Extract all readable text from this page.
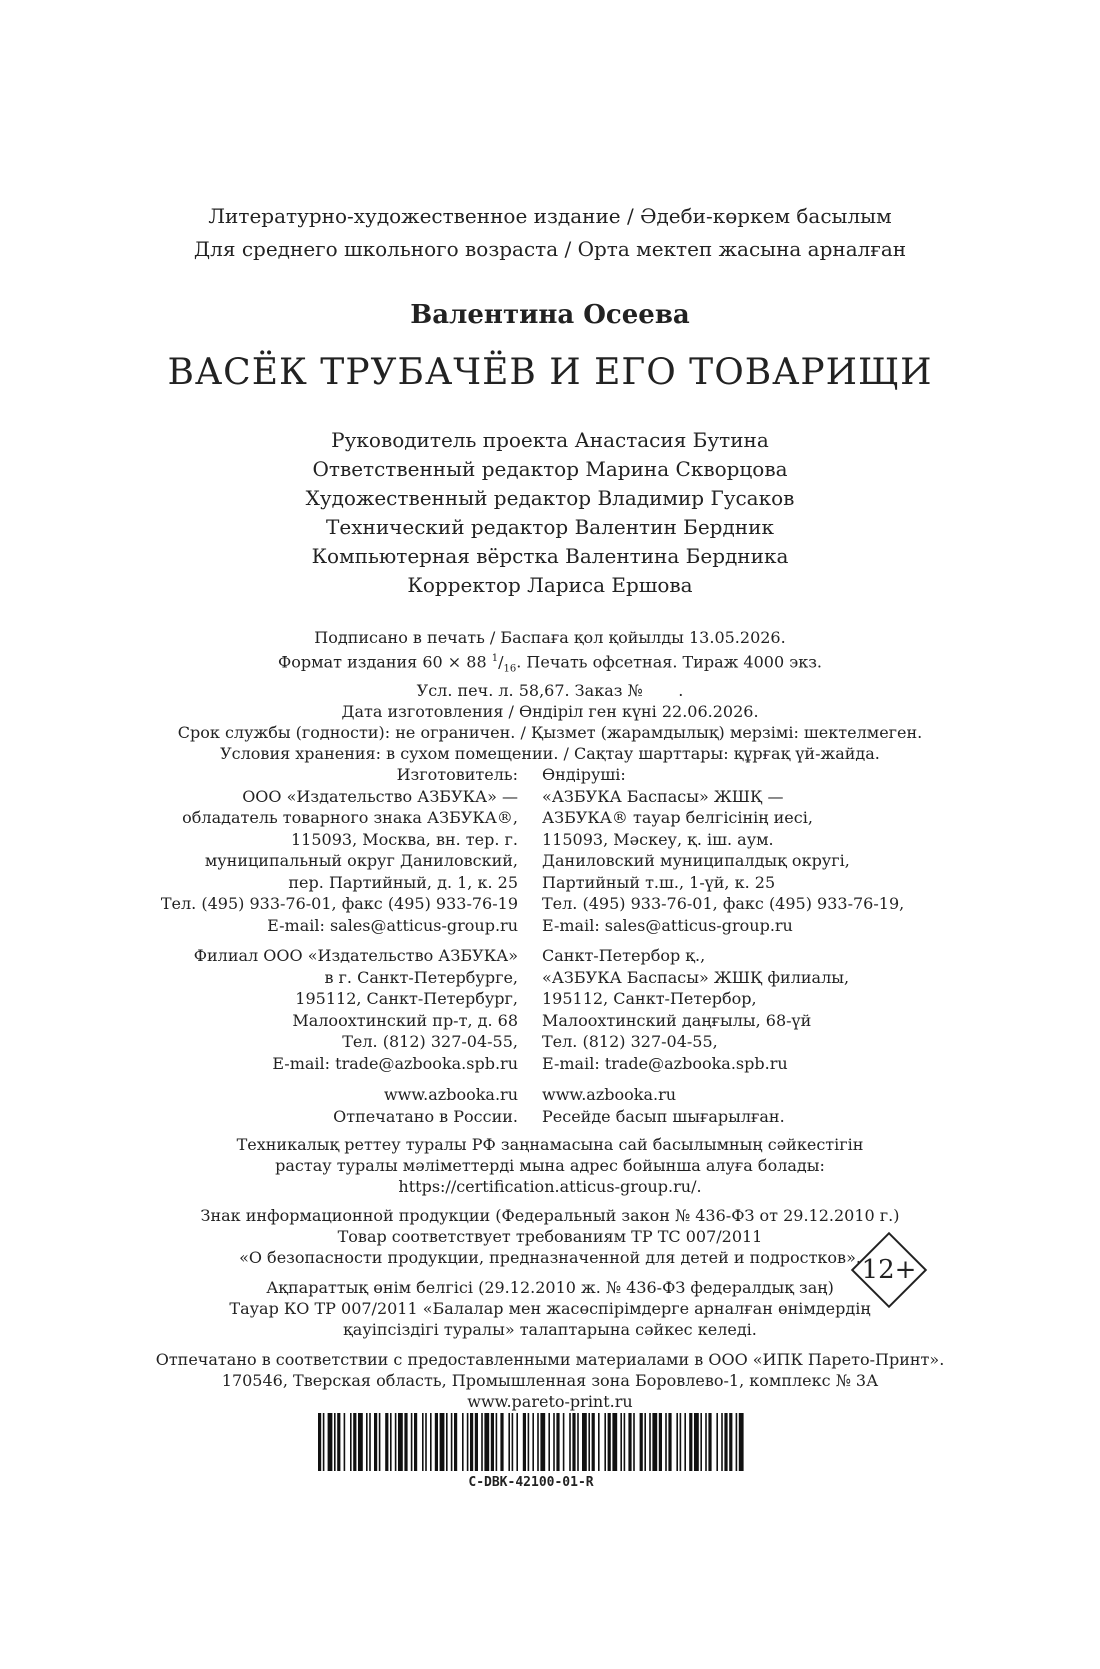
Литературно-художественное издание / Әдеби-көркем басылым
Для среднего школьного возраста / Орта мектеп жасына арналған
Валентина Осеева
ВАСЁК ТРУБАЧЁВ И ЕГО ТОВАРИЩИ
Руководитель проекта Анастасия Бутина
Ответственный редактор Марина Скворцова
Художественный редактор Владимир Гусаков
Технический редактор Валентин Бердник
Компьютерная вёрстка Валентина Бердника
Корректор Лариса Ершова
Подписано в печать / Баспаға қол қойылды 13.05.2026.
Формат издания 60 × 88 $^1/_{16}$. Печать офсетная. Тираж 4000 экз.
Усл. печ. л. 58,67. Заказ №       .
Дата изготовления / Өндіріл ген күні 22.06.2026.
Срок службы (годности): не ограничен. / Қызмет (жарамдылық) мерзімі: шектелмеген.
Условия хранения: в сухом помещении. / Сақтау шарттары: құрғақ үй-жайда.
Изготовитель:
ООО «Издательство АЗБУКА» —
обладатель товарного знака АЗБУКА®,
115093, Москва, вн. тер. г.
муниципальный округ Даниловский,
пер. Партийный, д. 1, к. 25
Тел. (495) 933-76-01, факс (495) 933-76-19
E-mail: sales@atticus-group.ru
Өндіруші:
«АЗБУКА Баспасы» ЖШҚ —
АЗБУКА® тауар белгісінің иесі,
115093, Мәскеу, қ. іш. аум.
Даниловский муниципалдық округі,
Партийный т.ш., 1-үй, к. 25
Тел. (495) 933-76-01, факс (495) 933-76-19,
E-mail: sales@atticus-group.ru
Филиал ООО «Издательство АЗБУКА»
в г. Санкт-Петербурге,
195112, Санкт-Петербург,
Малоохтинский пр-т, д. 68
Тел. (812) 327-04-55,
E-mail: trade@azbooka.spb.ru
Санкт-Петербор қ.,
«АЗБУКА Баспасы» ЖШҚ филиалы,
195112, Санкт-Петербор,
Малоохтинский даңғылы, 68-үй
Тел. (812) 327-04-55,
E-mail: trade@azbooka.spb.ru
www.azbooka.ru
Отпечатано в России.
www.azbooka.ru
Ресейде басып шығарылған.
Техникалық реттеу туралы РФ заңнамасына сай басылымның сәйкестігін
растау туралы мәліметтерді мына адрес бойынша алуға болады:
https://certification.atticus-group.ru/.
Знак информационной продукции (Федеральный закон № 436-ФЗ от 29.12.2010 г.)
Товар соответствует требованиям ТР ТС 007/2011
«О безопасности продукции, предназначенной для детей и подростков».
Ақпараттық өнім белгісі (29.12.2010 ж. № 436-ФЗ федералдық заң)
Тауар КО ТР 007/2011 «Балалар мен жасөспірімдерге арналған өнімдердің
қауіпсіздігі туралы» талаптарына сәйкес келеді.
12+
Отпечатано в соответствии с предоставленными материалами в ООО «ИПК Парето-Принт».
170546, Тверская область, Промышленная зона Боровлево-1, комплекс № 3А
www.pareto-print.ru
C-DBK-42100-01-R
